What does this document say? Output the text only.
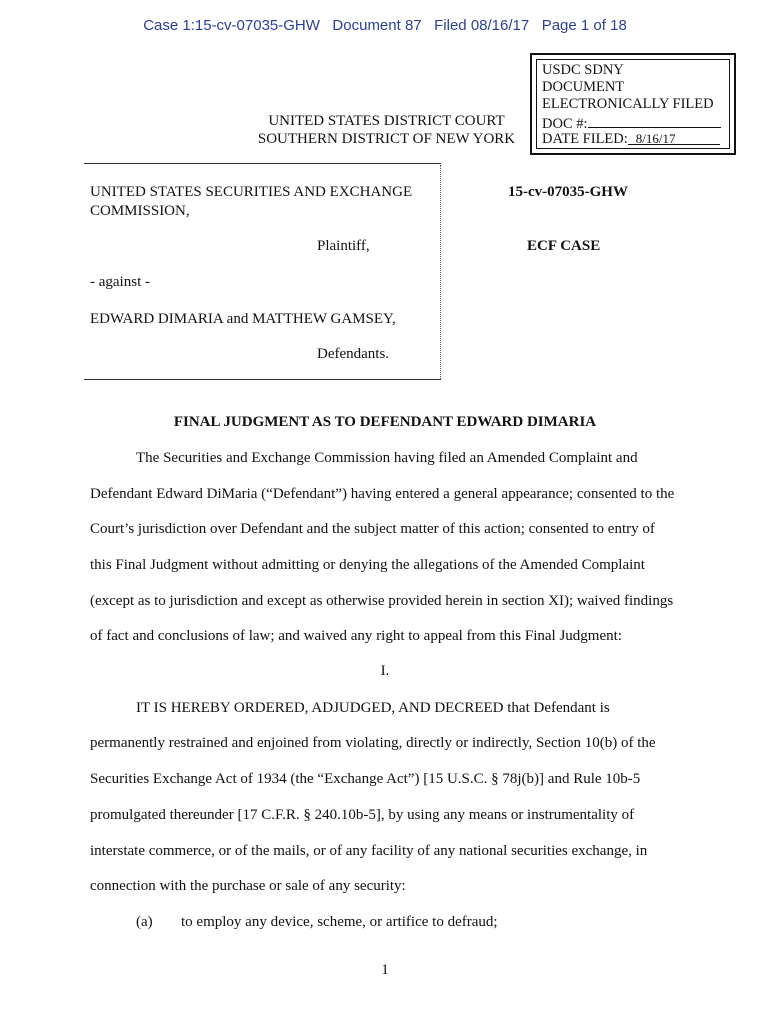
Case 1:15-cv-07035-GHW   Document 87   Filed 08/16/17   Page 1 of 18
UNITED STATES DISTRICT COURT
SOUTHERN DISTRICT OF NEW YORK
USDC SDNY
DOCUMENT
ELECTRONICALLY FILED
DOC #:
DATE FILED: 8/16/17
UNITED STATES SECURITIES AND EXCHANGE
COMMISSION,
Plaintiff,
- against -
EDWARD DIMARIA and MATTHEW GAMSEY,
Defendants.
15-cv-07035-GHW
ECF CASE
FINAL JUDGMENT AS TO DEFENDANT EDWARD DIMARIA
The Securities and Exchange Commission having filed an Amended Complaint and
Defendant Edward DiMaria (“Defendant”) having entered a general appearance; consented to the
Court’s jurisdiction over Defendant and the subject matter of this action; consented to entry of
this Final Judgment without admitting or denying the allegations of the Amended Complaint
(except as to jurisdiction and except as otherwise provided herein in section XI); waived findings
of fact and conclusions of law; and waived any right to appeal from this Final Judgment:
I.
IT IS HEREBY ORDERED, ADJUDGED, AND DECREED that Defendant is
permanently restrained and enjoined from violating, directly or indirectly, Section 10(b) of the
Securities Exchange Act of 1934 (the “Exchange Act”) [15 U.S.C. § 78j(b)] and Rule 10b-5
promulgated thereunder [17 C.F.R. § 240.10b-5], by using any means or instrumentality of
interstate commerce, or of the mails, or of any facility of any national securities exchange, in
connection with the purchase or sale of any security:
(a) to employ any device, scheme, or artifice to defraud;
1
